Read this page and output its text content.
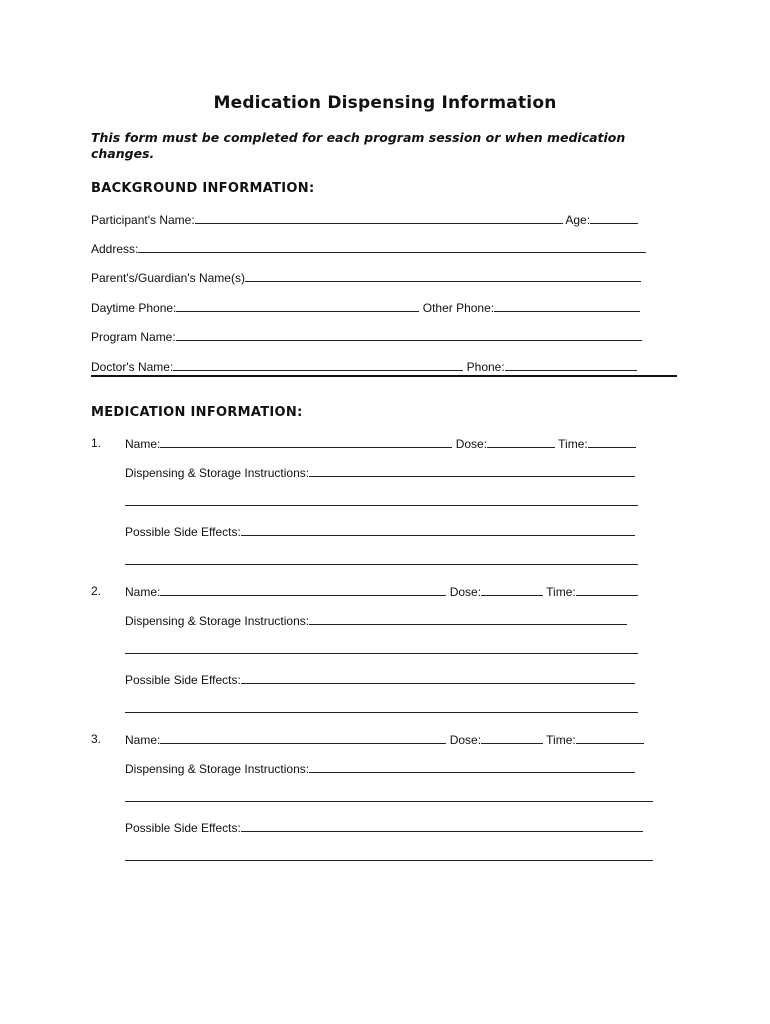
Medication Dispensing Information
This form must be completed for each program session or when medication changes.
BACKGROUND INFORMATION:
Participant's Name:	Age:
Address:
Parent's/Guardian's Name(s)
Daytime Phone:	Other Phone:
Program Name:
Doctor's Name:	Phone:
MEDICATION INFORMATION:
1. Name:	Dose:	Time:
Dispensing & Storage Instructions:
Possible Side Effects:
2. Name:	Dose:	Time:
Dispensing & Storage Instructions:
Possible Side Effects:
3. Name:	Dose:	Time:
Dispensing & Storage Instructions:
Possible Side Effects:
